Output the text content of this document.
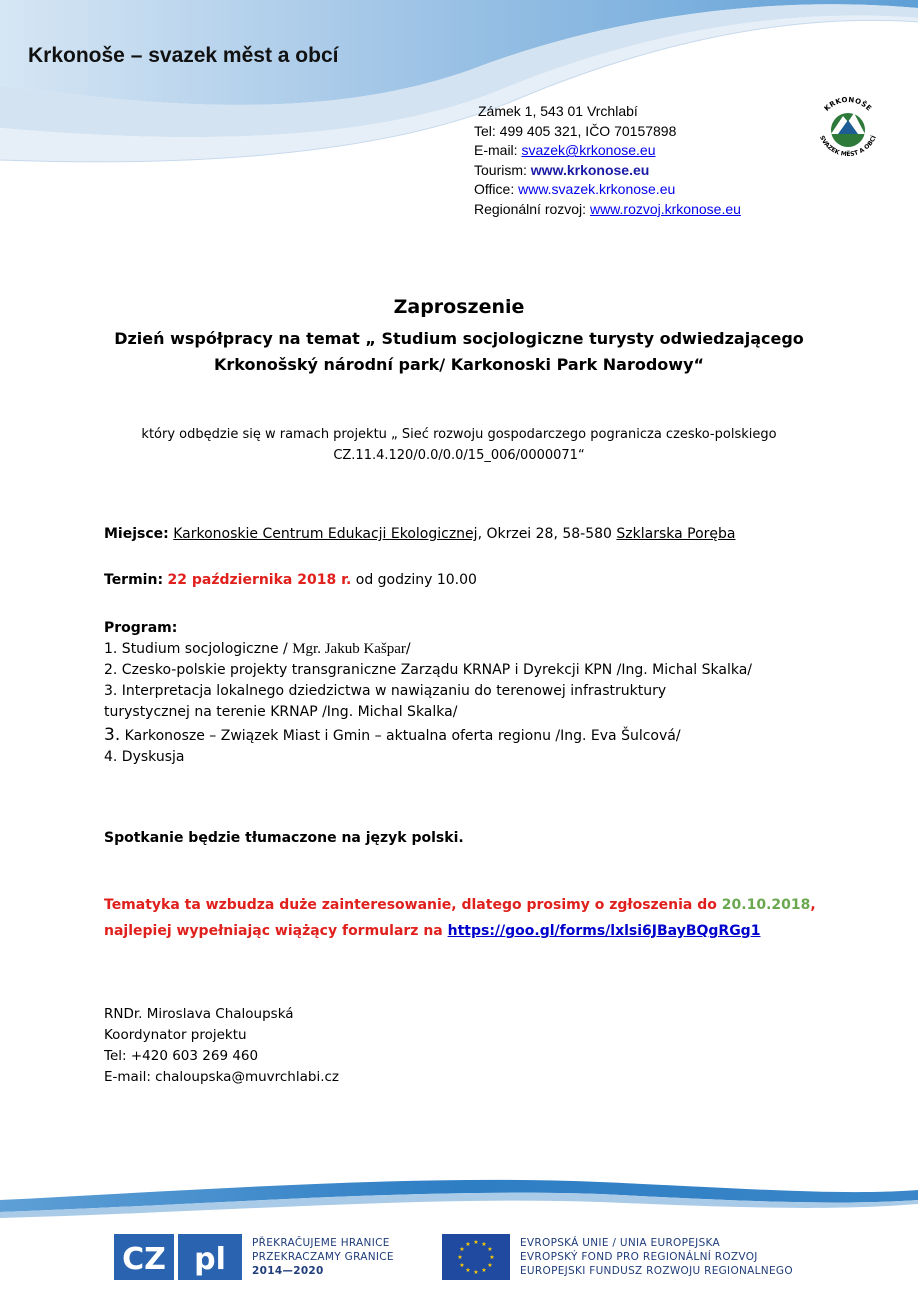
Krkonoše – svazek měst a obcí
Zámek 1, 543 01 Vrchlabí
Tel: 499 405 321, IČO 70157898
E-mail: svazek@krkonose.eu
Tourism: www.krkonose.eu
Office: www.svazek.krkonose.eu
Regionální rozvoj: www.rozvoj.krkonose.eu
KRKONOŠE
SVAZEK MĚST A OBCÍ
Zaproszenie
Dzień współpracy na temat „ Studium socjologiczne turysty odwiedzającego
Krkonošský národní park/ Karkonoski Park Narodowy“
który odbędzie się w ramach projektu „ Sieć rozwoju gospodarczego pogranicza czesko-polskiego
CZ.11.4.120/0.0/0.0/15_006/0000071“
Miejsce: Karkonoskie Centrum Edukacji Ekologicznej, Okrzei 28, 58-580 Szklarska Poręba
Termin: 22 października 2018 r. od godziny 10.00
Program:
1. Studium socjologiczne / Mgr. Jakub Kašpar/
2. Czesko-polskie projekty transgraniczne Zarządu KRNAP i Dyrekcji KPN /Ing. Michal Skalka/
3. Interpretacja lokalnego dziedzictwa w nawiązaniu do terenowej infrastruktury
turystycznej na terenie KRNAP /Ing. Michal Skalka/
3. Karkonosze – Związek Miast i Gmin – aktualna oferta regionu /Ing. Eva Šulcová/
4. Dyskusja
Spotkanie będzie tłumaczone na język polski.
Tematyka ta wzbudza duże zainteresowanie, dlatego prosimy o zgłoszenia do 20.10.2018,
najlepiej wypełniając wiążący formularz na https://goo.gl/forms/lxlsi6JBayBQgRGg1
RNDr. Miroslava Chaloupská
Koordynator projektu
Tel: +420 603 269 460
E-mail: chaloupska@muvrchlabi.cz
CZ pl PŘEKRAČUJEME HRANICE
PRZEKRACZAMY GRANICE
2014—2020
★ ★
★
★
★
★
★
★
★
★
★
★	EVROPSKÁ UNIE / UNIA EUROPEJSKA
EVROPSKÝ FOND PRO REGIONÁLNÍ ROZVOJ
EUROPEJSKI FUNDUSZ ROZWOJU REGIONALNEGO
